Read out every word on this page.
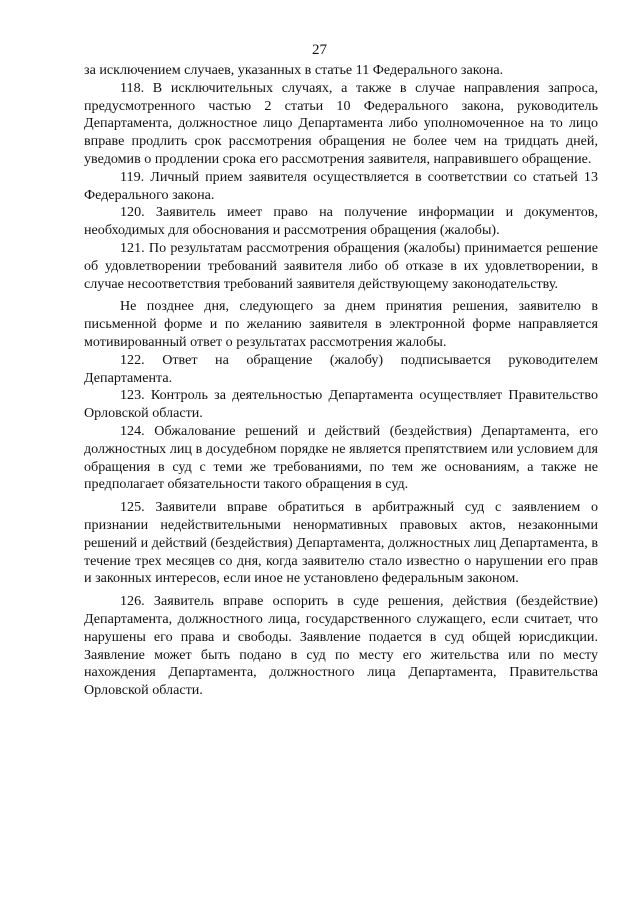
27

за исключением случаев, указанных в статье 11 Федерального закона.

118. В исключительных случаях, а также в случае направления запроса, предусмотренного частью 2 статьи 10 Федерального закона, руководитель Департамента, должностное лицо Департамента либо уполномоченное на то лицо вправе продлить срок рассмотрения обращения не более чем на тридцать дней, уведомив о продлении срока его рассмотрения заявителя, направившего обращение.

119. Личный прием заявителя осуществляется в соответствии со статьей 13 Федерального закона.

120. Заявитель имеет право на получение информации и документов, необходимых для обоснования и рассмотрения обращения (жалобы).

121. По результатам рассмотрения обращения (жалобы) принимается решение об удовлетворении требований заявителя либо об отказе в их удовлетворении, в случае несоответствия требований заявителя действующему законодательству.

Не позднее дня, следующего за днем принятия решения, заявителю в письменной форме и по желанию заявителя в электронной форме направляется мотивированный ответ о результатах рассмотрения жалобы.

122. Ответ на обращение (жалобу) подписывается руководителем Департамента.

123. Контроль за деятельностью Департамента осуществляет Правительство Орловской области.

124. Обжалование решений и действий (бездействия) Департамента, его должностных лиц в досудебном порядке не является препятствием или условием для обращения в суд с теми же требованиями, по тем же основаниям, а также не предполагает обязательности такого обращения в суд.

125. Заявители вправе обратиться в арбитражный суд с заявлением о признании недействительными ненормативных правовых актов, незаконными решений и действий (бездействия) Департамента, должностных лиц Департамента, в течение трех месяцев со дня, когда заявителю стало известно о нарушении его прав и законных интересов, если иное не установлено федеральным законом.

126. Заявитель вправе оспорить в суде решения, действия (бездействие) Департамента, должностного лица, государственного служащего, если считает, что нарушены его права и свободы. Заявление подается в суд общей юрисдикции. Заявление может быть подано в суд по месту его жительства или по месту нахождения Департамента, должностного лица Департамента, Правительства Орловской области.
